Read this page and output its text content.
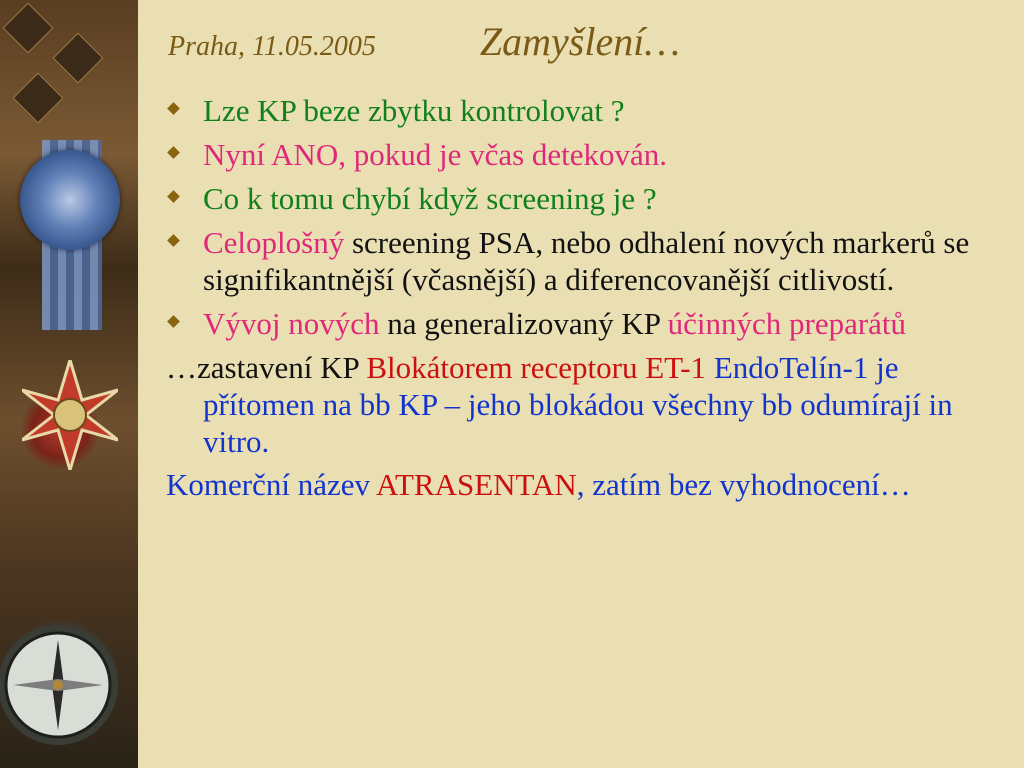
Praha, 11.05.2005	Zamyšlení…
Lze KP beze zbytku kontrolovat ?
Nyní ANO, pokud je včas detekován.
Co k tomu chybí když screening je ?
Celoplošný screening PSA, nebo odhalení nových markerů se signifikantnější (včasnější) a diferencovanější citlivostí.
Vývoj nových na generalizovaný KP účinných preparátů
…zastavení KP Blokátorem receptoru ET-1 EndoTelín-1 je přítomen na bb KP – jeho blokádou všechny bb odumírají in vitro.
Komerční název ATRASENTAN, zatím bez vyhodnocení…
